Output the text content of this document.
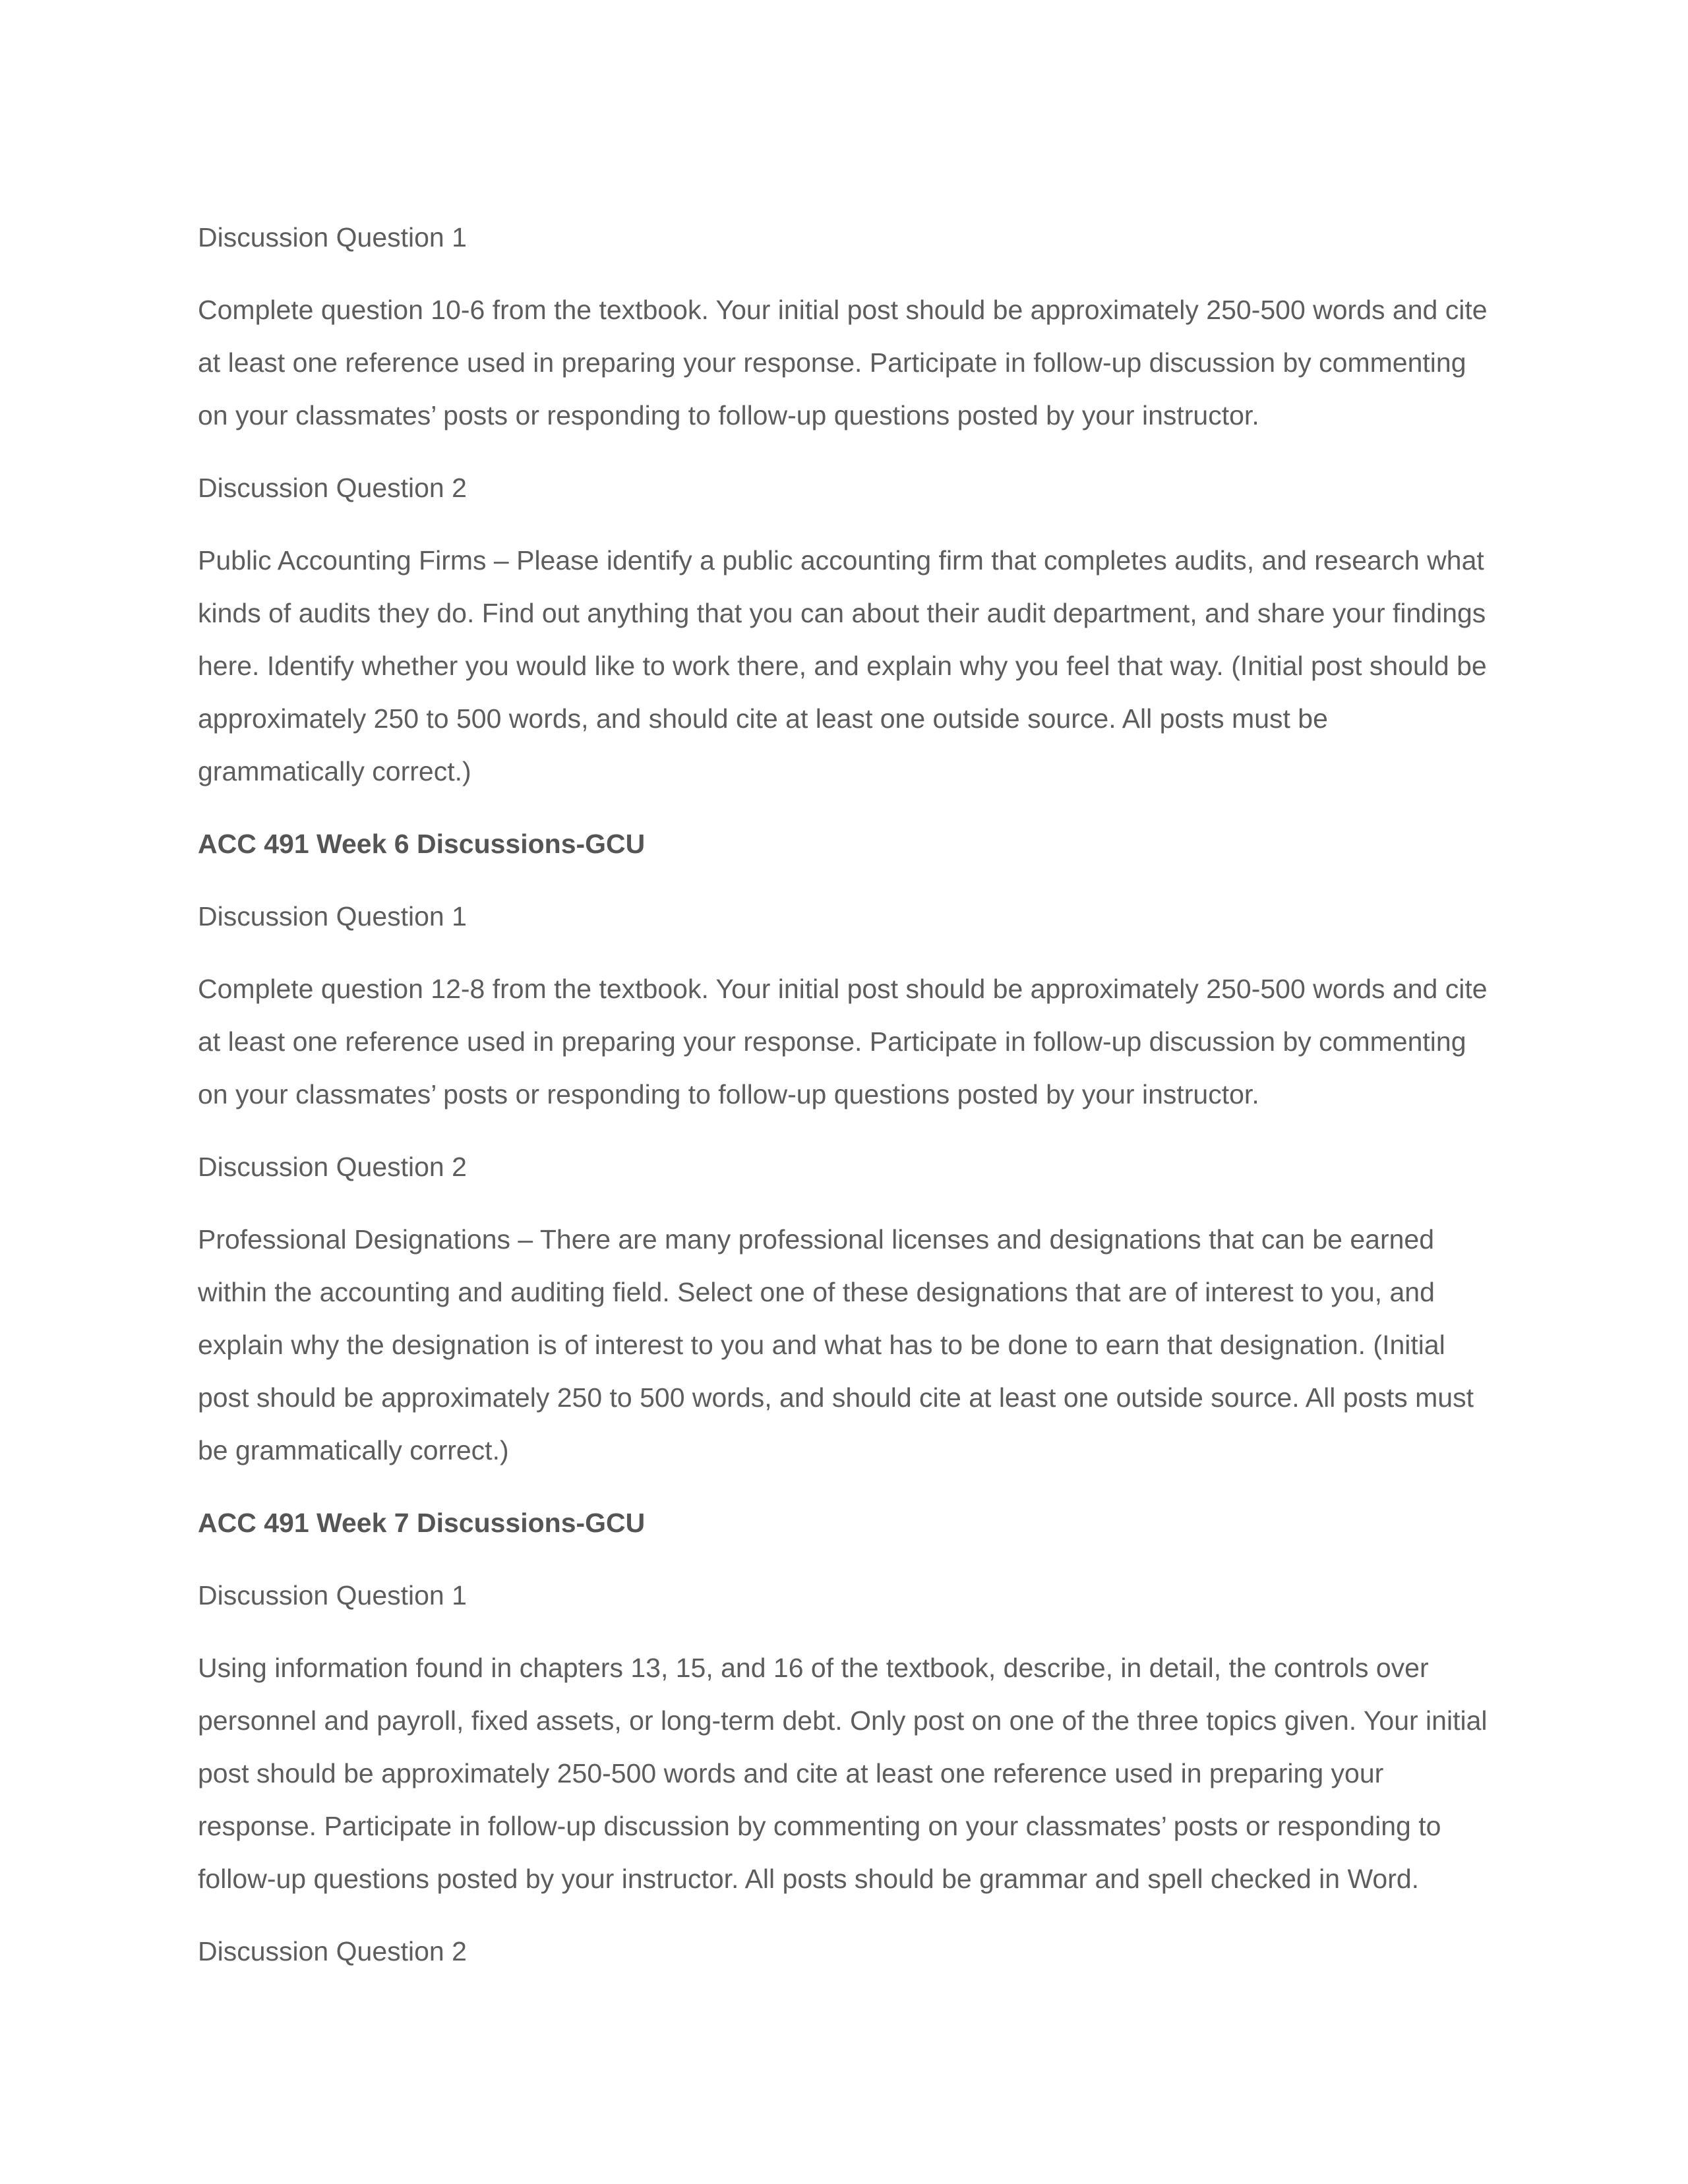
Discussion Question 1
Complete question 10-6 from the textbook. Your initial post should be approximately 250-500 words and cite at least one reference used in preparing your response. Participate in follow-up discussion by commenting on your classmates’ posts or responding to follow-up questions posted by your instructor.
Discussion Question 2
Public Accounting Firms – Please identify a public accounting firm that completes audits, and research what kinds of audits they do. Find out anything that you can about their audit department, and share your findings here. Identify whether you would like to work there, and explain why you feel that way. (Initial post should be approximately 250 to 500 words, and should cite at least one outside source. All posts must be grammatically correct.)
ACC 491 Week 6 Discussions-GCU
Discussion Question 1
Complete question 12-8 from the textbook. Your initial post should be approximately 250-500 words and cite at least one reference used in preparing your response. Participate in follow-up discussion by commenting on your classmates’ posts or responding to follow-up questions posted by your instructor.
Discussion Question 2
Professional Designations – There are many professional licenses and designations that can be earned within the accounting and auditing field. Select one of these designations that are of interest to you, and explain why the designation is of interest to you and what has to be done to earn that designation. (Initial post should be approximately 250 to 500 words, and should cite at least one outside source. All posts must be grammatically correct.)
ACC 491 Week 7 Discussions-GCU
Discussion Question 1
Using information found in chapters 13, 15, and 16 of the textbook, describe, in detail, the controls over personnel and payroll, fixed assets, or long-term debt. Only post on one of the three topics given. Your initial post should be approximately 250-500 words and cite at least one reference used in preparing your response. Participate in follow-up discussion by commenting on your classmates’ posts or responding to follow-up questions posted by your instructor. All posts should be grammar and spell checked in Word.
Discussion Question 2
